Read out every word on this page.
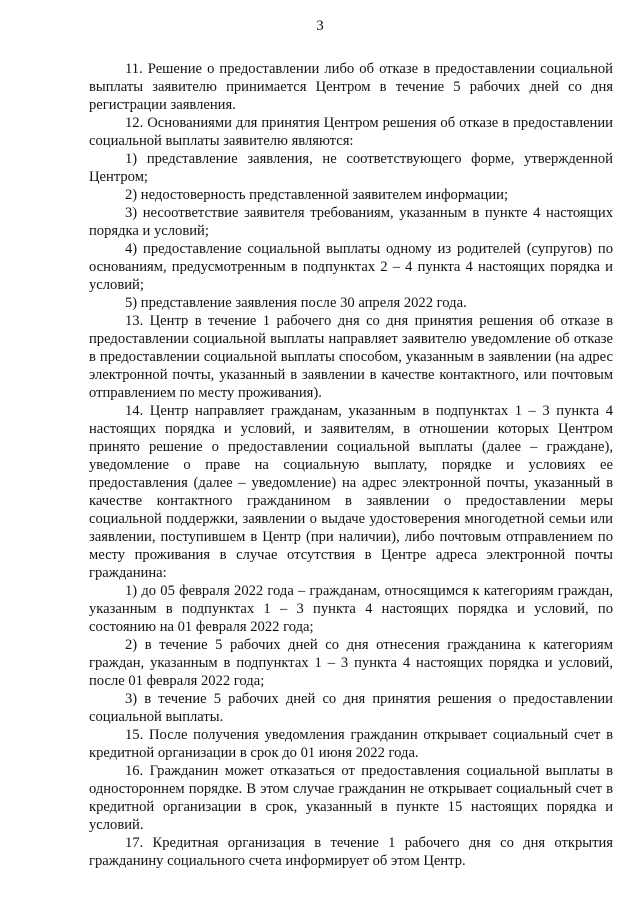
3

11. Решение о предоставлении либо об отказе в предоставлении социальной выплаты заявителю принимается Центром в течение 5 рабочих дней со дня регистрации заявления.

12. Основаниями для принятия Центром решения об отказе в предоставлении социальной выплаты заявителю являются:

1) представление заявления, не соответствующего форме, утвержденной Центром;

2) недостоверность представленной заявителем информации;

3) несоответствие заявителя требованиям, указанным в пункте 4 настоящих порядка и условий;

4) предоставление социальной выплаты одному из родителей (супругов) по основаниям, предусмотренным в подпунктах 2 – 4 пункта 4 настоящих порядка и условий;

5) представление заявления после 30 апреля 2022 года.

13. Центр в течение 1 рабочего дня со дня принятия решения об отказе в предоставлении социальной выплаты направляет заявителю уведомление об отказе в предоставлении социальной выплаты способом, указанным в заявлении (на адрес электронной почты, указанный в заявлении в качестве контактного, или почтовым отправлением по месту проживания).

14. Центр направляет гражданам, указанным в подпунктах 1 – 3 пункта 4 настоящих порядка и условий, и заявителям, в отношении которых Центром принято решение о предоставлении социальной выплаты (далее – граждане), уведомление о праве на социальную выплату, порядке и условиях ее предоставления (далее – уведомление) на адрес электронной почты, указанный в качестве контактного гражданином в заявлении о предоставлении меры социальной поддержки, заявлении о выдаче удостоверения многодетной семьи или заявлении, поступившем в Центр (при наличии), либо почтовым отправлением по месту проживания в случае отсутствия в Центре адреса электронной почты гражданина:

1) до 05 февраля 2022 года – гражданам, относящимся к категориям граждан, указанным в подпунктах 1 – 3 пункта 4 настоящих порядка и условий, по состоянию на 01 февраля 2022 года;

2) в течение 5 рабочих дней со дня отнесения гражданина к категориям граждан, указанным в подпунктах 1 – 3 пункта 4 настоящих порядка и условий, после 01 февраля 2022 года;

3) в течение 5 рабочих дней со дня принятия решения о предоставлении социальной выплаты.

15. После получения уведомления гражданин открывает социальный счет в кредитной организации в срок до 01 июня 2022 года.

16. Гражданин может отказаться от предоставления социальной выплаты в одностороннем порядке. В этом случае гражданин не открывает социальный счет в кредитной организации в срок, указанный в пункте 15 настоящих порядка и условий.

17. Кредитная организация в течение 1 рабочего дня со дня открытия гражданину социального счета информирует об этом Центр.
